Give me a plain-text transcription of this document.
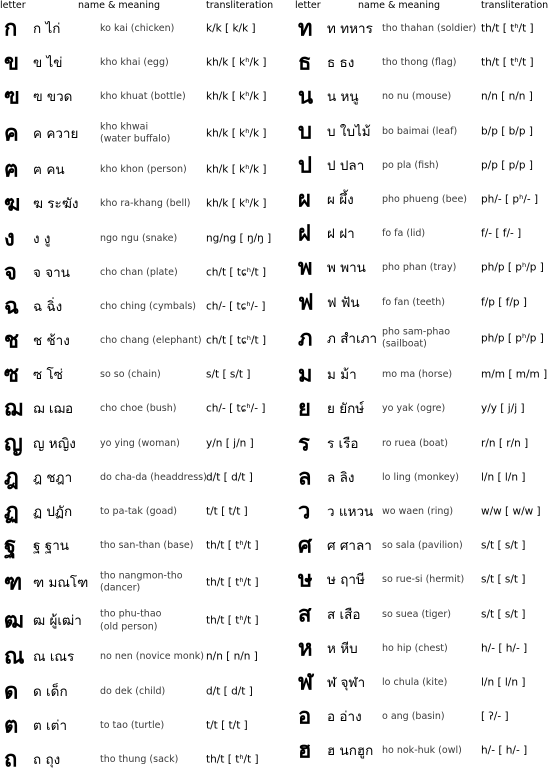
letter	name & meaning	transliteration letter	name & meaning	transliteration
ก ก ไก่	ko kai (chicken)	k/k [ k/k ]
ข ข ไข่	kho khai (egg)	kh/k [ kʰ/k ]
ฃ ฃ ขวด	kho khuat (bottle) kh/k [ kʰ/k ]
ค ค ควาย kho khwai
(water buffalo)	kh/k [ kʰ/k ]
ฅ ฅ คน	kho khon (person) kh/k [ kʰ/k ]
ฆ ฆ ระฆัง kho ra-khang (bell) kh/k [ kʰ/k ]
ง ง งู	ngo ngu (snake)	ng/ng [ ŋ/ŋ ]
จ จ จาน	cho chan (plate)	ch/t [ tɕʰ/t ]
ฉ ฉ ฉิ่ง	cho ching (cymbals) ch/- [ tɕʰ/- ]
ช ช ช้าง	cho chang (elephant) ch/t [ tɕʰ/t ]
ซ ซ โซ่	so so (chain)	s/t [ s/t ]
ฌ ฌ เฌอ	cho choe (bush)	ch/- [ tɕʰ/- ]
ญ ญ หญิง	yo ying (woman) y/n [ j/n ]
ฎ ฎ ชฎา	do cha-da (headdress) d/t [ d/t ]
ฏ ฏ ปฏัก	to pa-tak (goad)	t/t [ t/t ]
ฐ ฐ ฐาน	tho san-than (base) th/t [ tʰ/t ]
ฑ ฑ มณโฑ tho nangmon-tho
(dancer)	th/t [ tʰ/t ]
ฒ ฒ ผู้เฒ่า tho phu-thao
(old person)	th/t [ tʰ/t ]
ณ ณ เณร	no nen (novice monk) n/n [ n/n ]
ด ด เด็ก	do dek (child)	d/t [ d/t ]
ต ต เต่า	to tao (turtle)	t/t [ t/t ]
ถ ถ ถุง	tho thung (sack)	th/t [ tʰ/t ]
ท ท ทหาร tho thahan (soldier) th/t [ tʰ/t ]
ธ ธ ธง	tho thong (flag) th/t [ tʰ/t ]
น น หนู no nu (mouse)	n/n [ n/n ]
บ บ ใบไม้ bo baimai (leaf) b/p [ b/p ]
ป ป ปลา po pla (fish)	p/p [ p/p ]
ผ ผ ผึ้ง	pho phueng (bee) ph/- [ pʰ/- ]
ฝ ฝ ฝา	fo fa (lid)	f/- [ f/- ]
พ พ พาน pho phan (tray) ph/p [ pʰ/p ]
ฟ ฟ ฟัน fo fan (teeth)	f/p [ f/p ]
ภ ภ สำเภา pho sam-phao
(sailboat)	ph/p [ pʰ/p ]
ม ม ม้า	mo ma (horse)	m/m [ m/m ]
ย ย ยักษ์ yo yak (ogre)	y/y [ j/j ]
ร ร เรือ ro ruea (boat)	r/n [ r/n ]
ล ล ลิง	lo ling (monkey) l/n [ l/n ]
ว ว แหวน wo waen (ring)	w/w [ w/w ]
ศ ศ ศาลา so sala (pavilion) s/t [ s/t ]
ษ ษ ฤาษี so rue-si (hermit) s/t [ s/t ]
ส ส เสือ so suea (tiger)	s/t [ s/t ]
ห ห หีบ	ho hip (chest)	h/- [ h/- ]
ฬ ฬ จุฬา lo chula (kite)	l/n [ l/n ]
อ อ อ่าง o ang (basin)	[ ʔ/- ]
ฮ ฮ นกฮูก ho nok-huk (owl) h/- [ h/- ]
